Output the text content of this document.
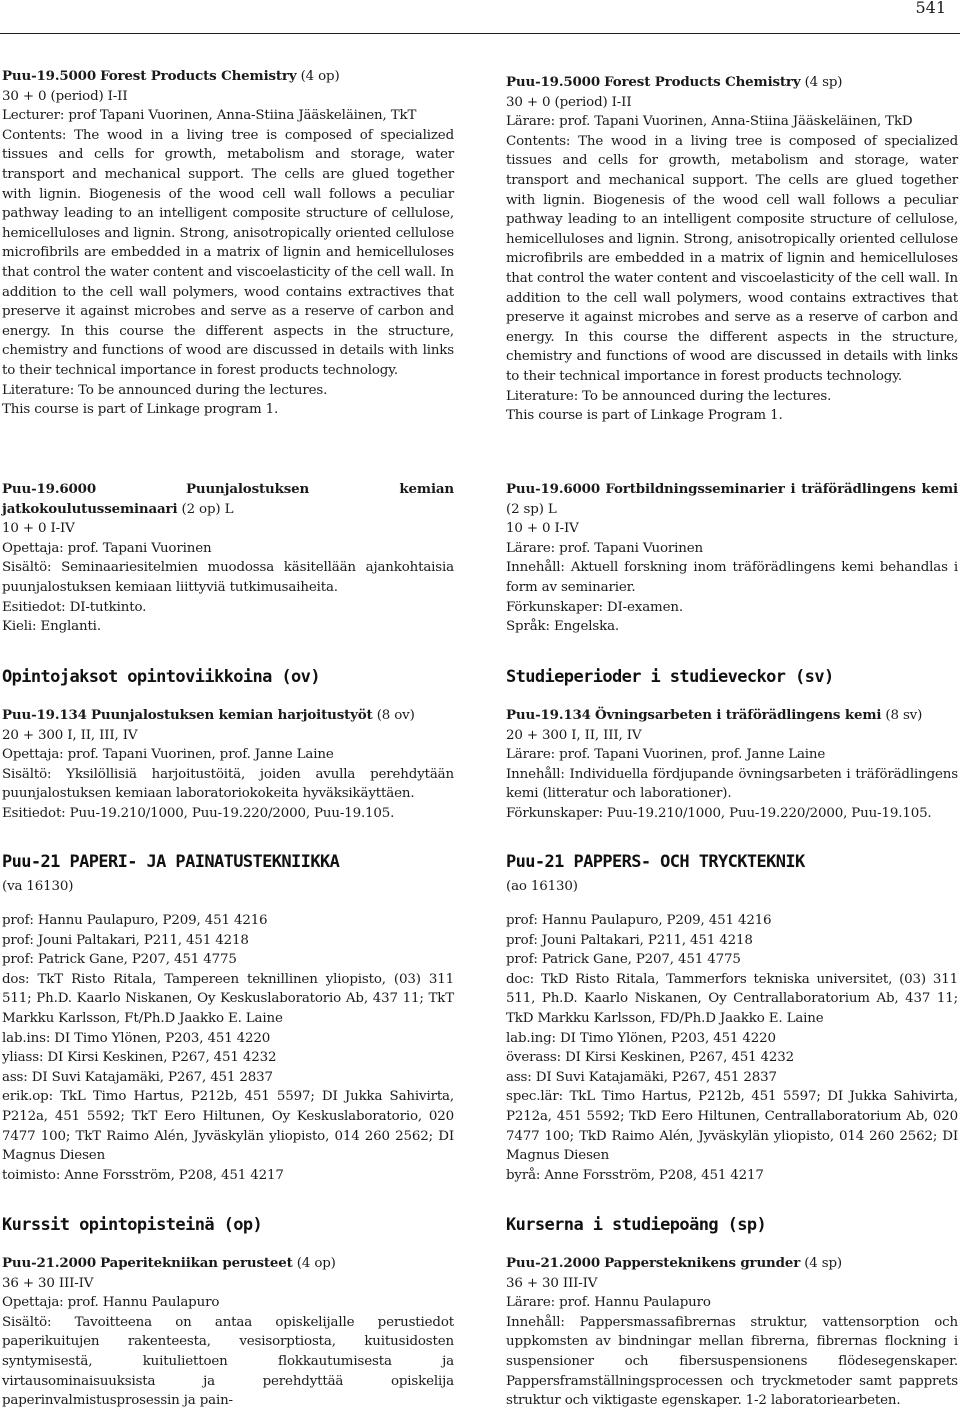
541

Puu-19.5000 Forest Products Chemistry (4 op)

30 + 0 (period) I-II

Lecturer: prof Tapani Vuorinen, Anna-Stiina Jääskeläinen, TkT

Contents: The wood in a living tree is composed of specialized tissues and cells for growth, metabolism and storage, water transport and mechanical support. The cells are glued together with lignin. Biogenesis of the wood cell wall follows a peculiar pathway leading to an intelligent composite structure of cellulose, hemicelluloses and lignin. Strong, anisotropically oriented cellulose microfibrils are embedded in a matrix of lignin and hemicelluloses that control the water content and viscoelasticity of the cell wall. In addition to the cell wall polymers, wood contains extractives that preserve it against microbes and serve as a reserve of carbon and energy. In this course the different aspects in the structure, chemistry and functions of wood are discussed in details with links to their technical importance in forest products technology.

Literature: To be announced during the lectures.

This course is part of Linkage program 1.

Puu-19.6000	Puunjalostuksen kemian jatkokoulutusseminaari (2 op) L

10 + 0 I-IV

Opettaja: prof. Tapani Vuorinen

Sisältö: Seminaariesitelmien muodossa käsitellään ajankohtaisia puunjalostuksen kemiaan liittyviä tutkimusaiheita.

Esitiedot: DI-tutkinto.

Kieli: Englanti.

Opintojaksot opintoviikkoina (ov)

Puu-19.134 Puunjalostuksen kemian harjoitustyöt (8 ov)

20 + 300 I, II, III, IV

Opettaja: prof. Tapani Vuorinen, prof. Janne Laine

Sisältö: Yksilöllisiä harjoitustöitä, joiden avulla perehdytään puunjalostuksen kemiaan laboratoriokokeita hyväksikäyttäen.

Esitiedot: Puu-19.210/1000, Puu-19.220/2000, Puu-19.105.

Puu-21 PAPERI- JA PAINATUSTEKNIIKKA
(va 16130)

prof: Hannu Paulapuro, P209, 451 4216

prof: Jouni Paltakari, P211, 451 4218

prof: Patrick Gane, P207, 451 4775

dos: TkT Risto Ritala, Tampereen teknillinen yliopisto, (03) 311 511; Ph.D. Kaarlo Niskanen, Oy Keskuslaboratorio Ab, 437 11; TkT Markku Karlsson, Ft/Ph.D Jaakko E. Laine

lab.ins: DI Timo Ylönen, P203, 451 4220

yliass: DI Kirsi Keskinen, P267, 451 4232

ass: DI Suvi Katajamäki, P267, 451 2837

erik.op: TkL Timo Hartus, P212b, 451 5597; DI Jukka Sahivirta, P212a, 451 5592; TkT Eero Hiltunen, Oy Keskuslaboratorio, 020 7477 100; TkT Raimo Alén, Jyväskylän yliopisto, 014 260 2562; DI Magnus Diesen

toimisto: Anne Forsström, P208, 451 4217

Kurssit opintopisteinä (op)

Puu-21.2000 Paperitekniikan perusteet (4 op)

36 + 30 III-IV

Opettaja: prof. Hannu Paulapuro

Sisältö: Tavoitteena on antaa opiskelijalle perustiedot paperikuitujen rakenteesta, vesisorptiosta, kuitusidosten syntymisestä, kuituliettoen flokkautumisesta ja virtausominaisuuksista ja perehdyttää opiskelija paperinvalmistusprosessin ja pain-

Puu-19.5000 Forest Products Chemistry (4 sp)

30 + 0 (period) I-II

Lärare: prof. Tapani Vuorinen, Anna-Stiina Jääskeläinen, TkD

Contents: The wood in a living tree is composed of specialized tissues and cells for growth, metabolism and storage, water transport and mechanical support. The cells are glued together with lignin. Biogenesis of the wood cell wall follows a peculiar pathway leading to an intelligent composite structure of cellulose, hemicelluloses and lignin. Strong, anisotropically oriented cellulose microfibrils are embedded in a matrix of lignin and hemicelluloses that control the water content and viscoelasticity of the cell wall. In addition to the cell wall polymers, wood contains extractives that preserve it against microbes and serve as a reserve of carbon and energy. In this course the different aspects in the structure, chemistry and functions of wood are discussed in details with links to their technical importance in forest products technology.

Literature: To be announced during the lectures.

This course is part of Linkage Program 1.

Puu-19.6000 Fortbildningsseminarier i träförädlingens kemi (2 sp) L

10 + 0 I-IV

Lärare: prof. Tapani Vuorinen

Innehåll: Aktuell forskning inom träförädlingens kemi behandlas i form av seminarier.

Förkunskaper: DI-examen.

Språk: Engelska.

Studieperioder i studieveckor (sv)

Puu-19.134 Övningsarbeten i träförädlingens kemi (8 sv)

20 + 300 I, II, III, IV

Lärare: prof. Tapani Vuorinen, prof. Janne Laine

Innehåll: Individuella fördjupande övningsarbeten i träförädlingens kemi (litteratur och laborationer).

Förkunskaper: Puu-19.210/1000, Puu-19.220/2000, Puu-19.105.

Puu-21 PAPPERS- OCH TRYCKTEKNIK
(ao 16130)

prof: Hannu Paulapuro, P209, 451 4216

prof: Jouni Paltakari, P211, 451 4218

prof: Patrick Gane, P207, 451 4775

doc: TkD Risto Ritala, Tammerfors tekniska universitet, (03) 311 511, Ph.D. Kaarlo Niskanen, Oy Centrallaboratorium Ab, 437 11; TkD Markku Karlsson, FD/Ph.D Jaakko E. Laine

lab.ing: DI Timo Ylönen, P203, 451 4220

överass: DI Kirsi Keskinen, P267, 451 4232

ass: DI Suvi Katajamäki, P267, 451 2837

spec.lär: TkL Timo Hartus, P212b, 451 5597; DI Jukka Sahivirta, P212a, 451 5592; TkD Eero Hiltunen, Centrallaboratorium Ab, 020 7477 100; TkD Raimo Alén, Jyväskylän yliopisto, 014 260 2562; DI Magnus Diesen

byrå: Anne Forsström, P208, 451 4217

Kurserna i studiepoäng (sp)

Puu-21.2000 Pappersteknikens grunder (4 sp)

36 + 30 III-IV

Lärare: prof. Hannu Paulapuro

Innehåll: Pappersmassafibrernas struktur, vattensorption och uppkomsten av bindningar mellan fibrerna, fibrernas flockning i suspensioner och fibersuspensionens flödesegenskaper. Pappersframställningsprocessen och tryckmetoder samt papprets struktur och viktigaste egenskaper. 1-2 laboratoriearbeten.
